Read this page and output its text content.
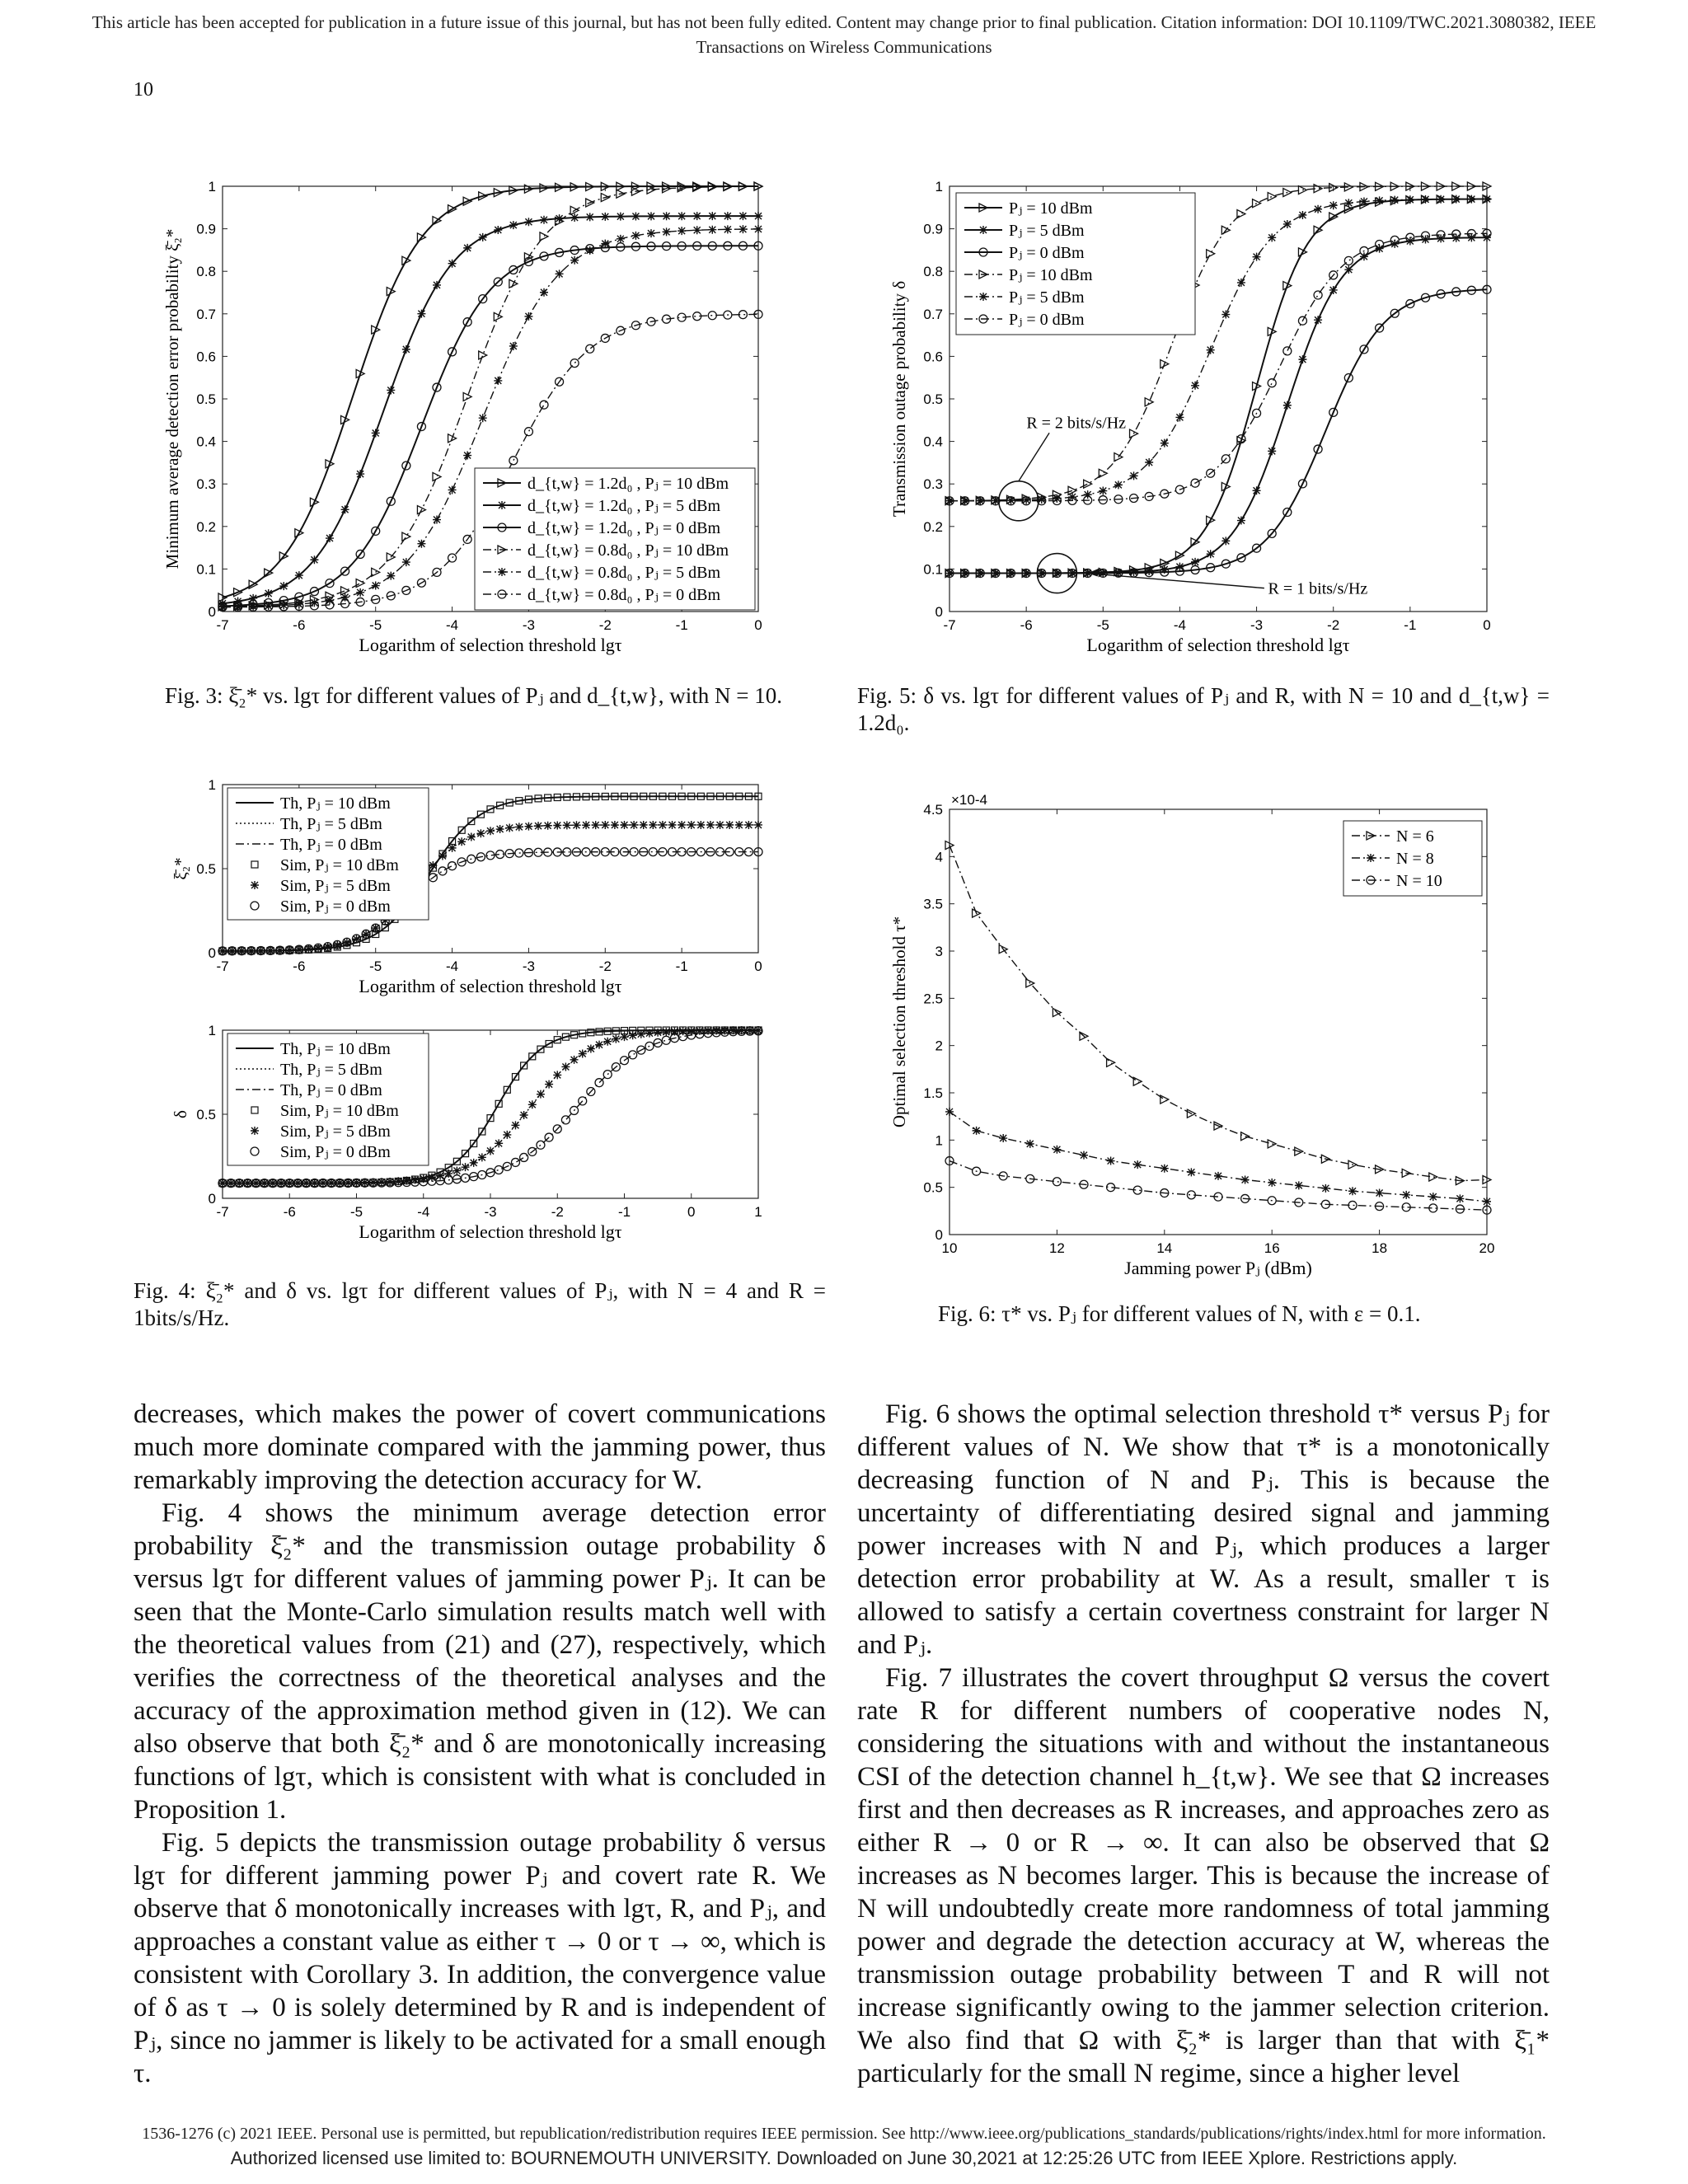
This article has been accepted for publication in a future issue of this journal, but has not been fully edited. Content may change prior to final publication. Citation information: DOI 10.1109/TWC.2021.3080382, IEEE
Transactions on Wireless Communications
10
-7	-6	-5	-4	-3	-2	-1	0
0
0.1
0.2
0.3
0.4
0.5
0.6
0.7
0.8
0.9
1
Logarithm of selection threshold lgτ
Minimum average detection error probability ξ̄₂*	d_{t,w} = 1.2d₀ , Pⱼ = 10 dBm
d_{t,w} = 1.2d₀ , Pⱼ = 5 dBm
d_{t,w} = 1.2d₀ , Pⱼ = 0 dBm
d_{t,w} = 0.8d₀ , Pⱼ = 10 dBm
d_{t,w} = 0.8d₀ , Pⱼ = 5 dBm
d_{t,w} = 0.8d₀ , Pⱼ = 0 dBm
Fig. 3: ξ̄₂* vs. lgτ for different values of Pⱼ and d_{t,w}, with N = 10.
-7	-6	-5	-4	-3	-2	-1	0
0
0.1
0.2
0.3
0.4
0.5
0.6
0.7
0.8
0.9
1
Logarithm of selection threshold lgτ
Transmission outage probability δ
Pⱼ = 10 dBm
Pⱼ = 5 dBm
Pⱼ = 0 dBm
Pⱼ = 10 dBm
Pⱼ = 5 dBm
Pⱼ = 0 dBm
R = 2 bits/s/Hz
R = 1 bits/s/Hz
Fig. 5: δ vs. lgτ for different values of Pⱼ and R, with N = 10 and d_{t,w} = 1.2d₀.
-7	-6	-5	-4	-3	-2	-1	0
0
0.5
1
Logarithm of selection threshold lgτ
ξ̄₂*
Th, Pⱼ = 10 dBm
Th, Pⱼ = 5 dBm
Th, Pⱼ = 0 dBm
Sim, Pⱼ = 10 dBm
Sim, Pⱼ = 5 dBm
Sim, Pⱼ = 0 dBm
-7	-6	-5	-4	-3	-2	-1	0	1
0
0.5
1
Logarithm of selection threshold lgτ
δ
Th, Pⱼ = 10 dBm
Th, Pⱼ = 5 dBm
Th, Pⱼ = 0 dBm
Sim, Pⱼ = 10 dBm
Sim, Pⱼ = 5 dBm
Sim, Pⱼ = 0 dBm
Fig. 4: ξ̄₂* and δ vs. lgτ for different values of Pⱼ, with N = 4 and R = 1bits/s/Hz.
10	12	14	16	18	20
0
0.5
1
1.5
2
2.5
3
3.5
4
4.5
Jamming power Pⱼ (dBm)
Optimal selection threshold τ*
×10-4
N = 6
N = 8
N = 10
Fig. 6: τ* vs. Pⱼ for different values of N, with ε = 0.1.

decreases, which makes the power of covert communications much more dominate compared with the jamming power, thus remarkably improving the detection accuracy for W.

Fig. 4 shows the minimum average detection error probability ξ̄₂* and the transmission outage probability δ versus lgτ for different values of jamming power Pⱼ. It can be seen that the Monte-Carlo simulation results match well with the theoretical values from (21) and (27), respectively, which verifies the correctness of the theoretical analyses and the accuracy of the approximation method given in (12). We can also observe that both ξ̄₂* and δ are monotonically increasing functions of lgτ, which is consistent with what is concluded in Proposition 1.

Fig. 5 depicts the transmission outage probability δ versus lgτ for different jamming power Pⱼ and covert rate R. We observe that δ monotonically increases with lgτ, R, and Pⱼ, and approaches a constant value as either τ → 0 or τ → ∞, which is consistent with Corollary 3. In addition, the convergence value of δ as τ → 0 is solely determined by R and is independent of Pⱼ, since no jammer is likely to be activated for a small enough τ.

Fig. 6 shows the optimal selection threshold τ* versus Pⱼ for different values of N. We show that τ* is a monotonically decreasing function of N and Pⱼ. This is because the uncertainty of differentiating desired signal and jamming power increases with N and Pⱼ, which produces a larger detection error probability at W. As a result, smaller τ is allowed to satisfy a certain covertness constraint for larger N and Pⱼ.

Fig. 7 illustrates the covert throughput Ω versus the covert rate R for different numbers of cooperative nodes N, considering the situations with and without the instantaneous CSI of the detection channel h_{t,w}. We see that Ω increases first and then decreases as R increases, and approaches zero as either R → 0 or R → ∞. It can also be observed that Ω increases as N becomes larger. This is because the increase of N will undoubtedly create more randomness of total jamming power and degrade the detection accuracy at W, whereas the transmission outage probability between T and R will not increase significantly owing to the jammer selection criterion. We also find that Ω with ξ̄₂* is larger than that with ξ̄₁* particularly for the small N regime, since a higher level

1536-1276 (c) 2021 IEEE. Personal use is permitted, but republication/redistribution requires IEEE permission. See http://www.ieee.org/publications_standards/publications/rights/index.html for more information.
Authorized licensed use limited to: BOURNEMOUTH UNIVERSITY. Downloaded on June 30,2021 at 12:25:26 UTC from IEEE Xplore. Restrictions apply.
